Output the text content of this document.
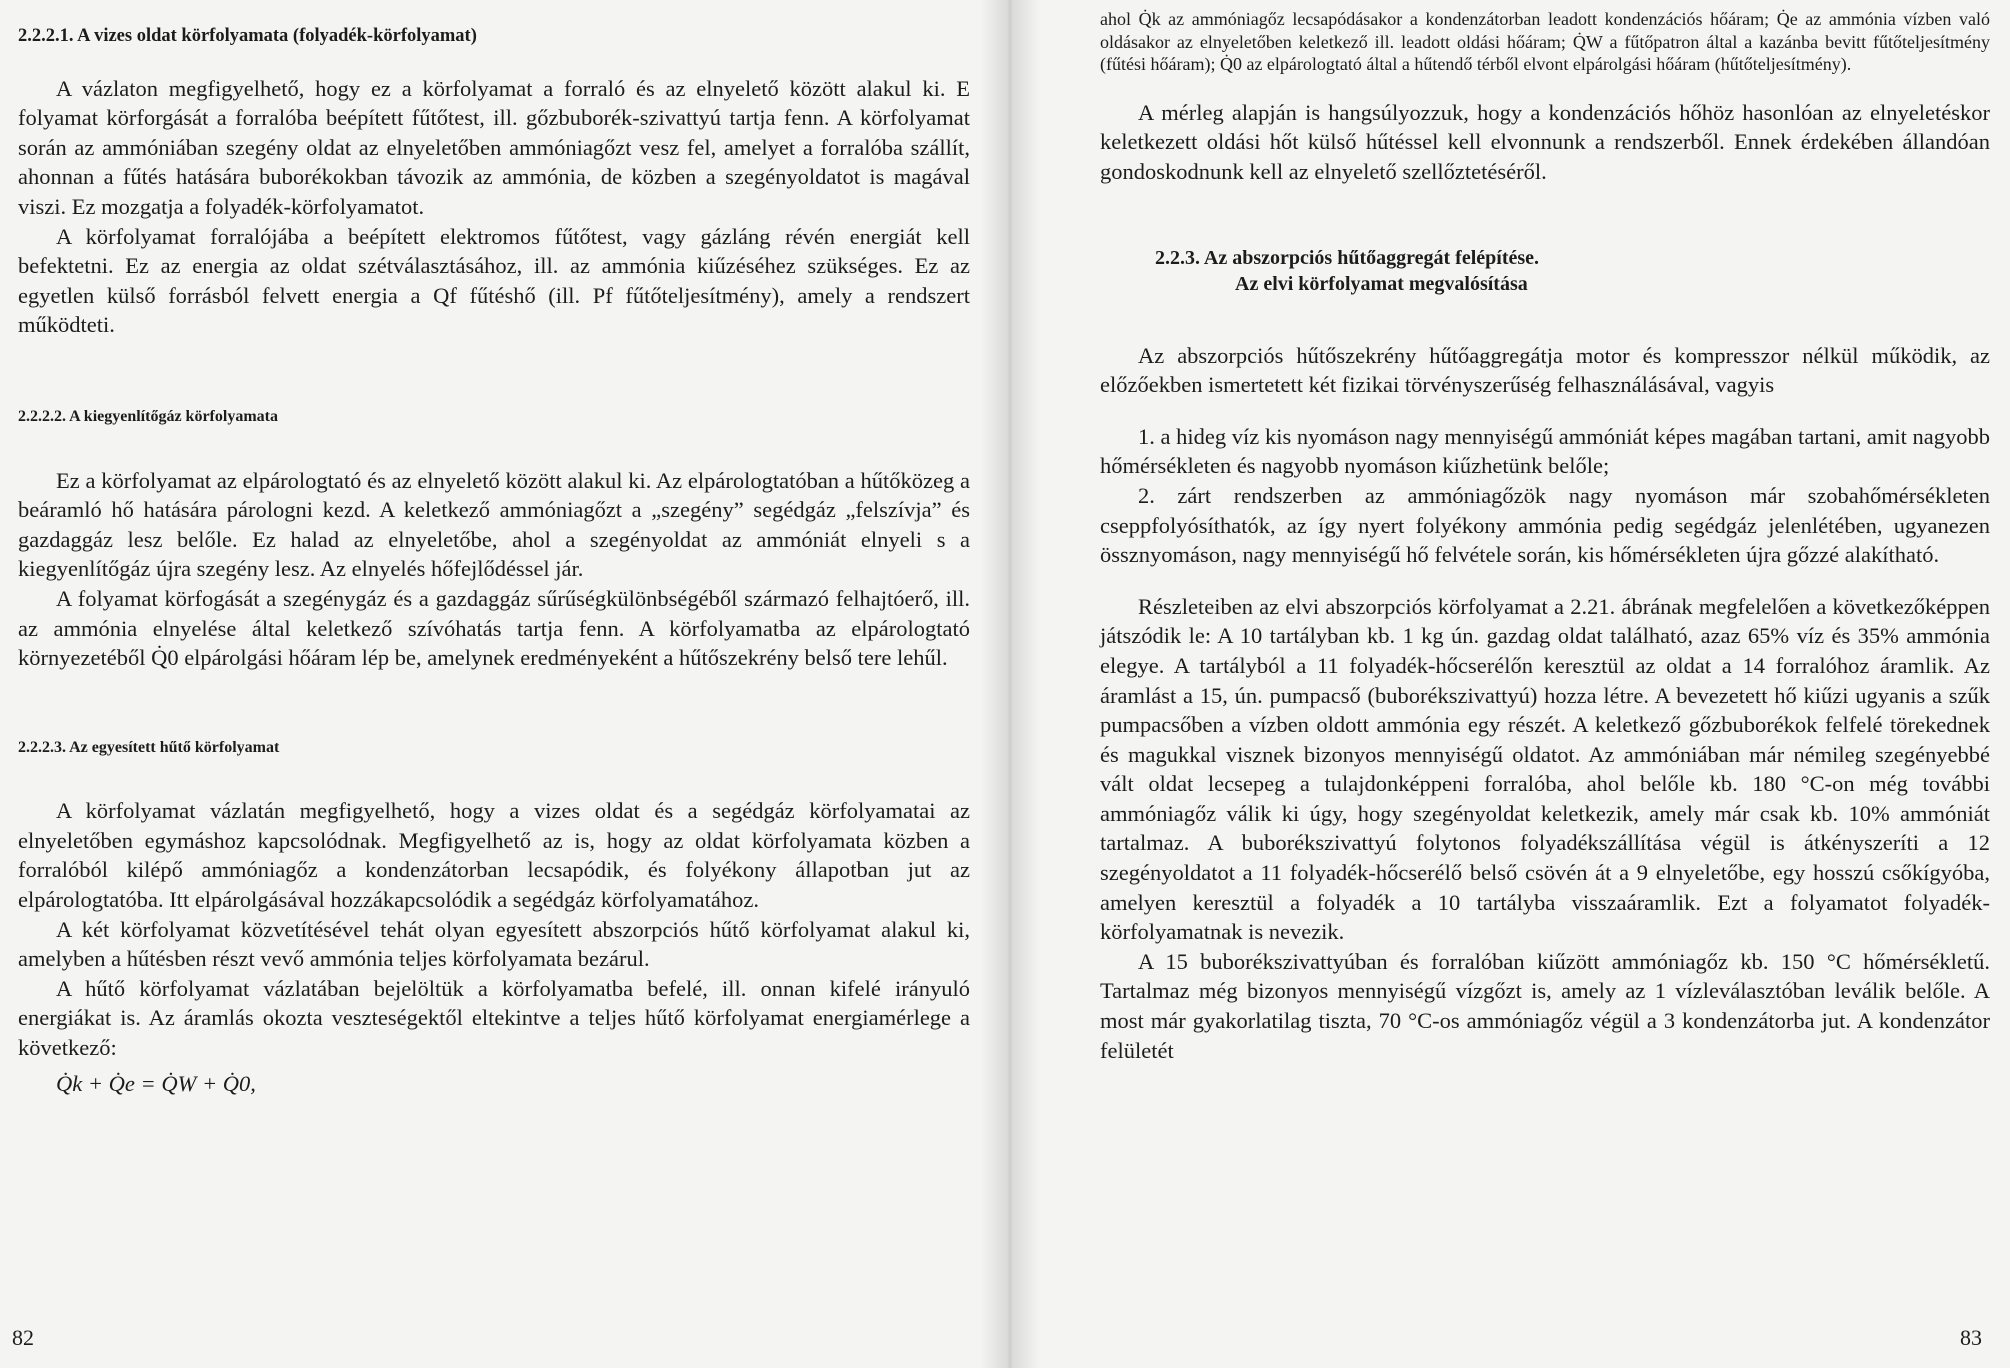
2.2.2.1. A vizes oldat körfolyamata (folyadék-körfolyamat)

A vázlaton megfigyelhető, hogy ez a körfolyamat a forraló és az elnyelető között alakul ki. E folyamat körforgását a forralóba beépített fűtőtest, ill. gőzbuborék-szivattyú tartja fenn. A körfolyamat során az ammóniában szegény oldat az elnyeletőben ammóniagőzt vesz fel, amelyet a forralóba szállít, ahonnan a fűtés hatására buborékokban távozik az ammónia, de közben a szegényoldatot is magával viszi. Ez mozgatja a folyadék-körfolyamatot.

A körfolyamat forralójába a beépített elektromos fűtőtest, vagy gázláng révén energiát kell befektetni. Ez az energia az oldat szétválasztásához, ill. az ammónia kiűzéséhez szükséges. Ez az egyetlen külső forrásból felvett energia a Qf fűtéshő (ill. Pf fűtőteljesítmény), amely a rendszert működteti.

2.2.2.2. A kiegyenlítőgáz körfolyamata

Ez a körfolyamat az elpárologtató és az elnyelető között alakul ki. Az elpárologtatóban a hűtőközeg a beáramló hő hatására párologni kezd. A keletkező ammóniagőzt a „szegény” segédgáz „felszívja” és gazdaggáz lesz belőle. Ez halad az elnyeletőbe, ahol a szegényoldat az ammóniát elnyeli s a kiegyenlítőgáz újra szegény lesz. Az elnyelés hőfejlődéssel jár.

A folyamat körfogását a szegénygáz és a gazdaggáz sűrűségkülönbségéből származó felhajtóerő, ill. az ammónia elnyelése által keletkező szívóhatás tartja fenn. A körfolyamatba az elpárologtató környezetéből Q̇0 elpárolgási hőáram lép be, amelynek eredményeként a hűtőszekrény belső tere lehűl.

2.2.2.3. Az egyesített hűtő körfolyamat

A körfolyamat vázlatán megfigyelhető, hogy a vizes oldat és a segédgáz körfolyamatai az elnyeletőben egymáshoz kapcsolódnak. Megfigyelhető az is, hogy az oldat körfolyamata közben a forralóból kilépő ammóniagőz a kondenzátorban lecsapódik, és folyékony állapotban jut az elpárologtatóba. Itt elpárolgásával hozzákapcsolódik a segédgáz körfolyamatához.

A két körfolyamat közvetítésével tehát olyan egyesített abszorpciós hűtő körfolyamat alakul ki, amelyben a hűtésben részt vevő ammónia teljes körfolyamata bezárul.

A hűtő körfolyamat vázlatában bejelöltük a körfolyamatba befelé, ill. onnan kifelé irányuló energiákat is. Az áramlás okozta veszteségektől eltekintve a teljes hűtő körfolyamat energiamérlege a következő:

Q̇k + Q̇e = Q̇W + Q̇0,
82

ahol Q̇k az ammóniagőz lecsapódásakor a kondenzátorban leadott kondenzációs hőáram; Q̇e az ammónia vízben való oldásakor az elnyeletőben keletkező ill. leadott oldási hőáram; Q̇W a fűtőpatron által a kazánba bevitt fűtőteljesítmény (fűtési hőáram); Q̇0 az elpárologtató által a hűtendő térből elvont elpárolgási hőáram (hűtőteljesítmény).

A mérleg alapján is hangsúlyozzuk, hogy a kondenzációs hőhöz hasonlóan az elnyeletéskor keletkezett oldási hőt külső hűtéssel kell elvonnunk a rendszerből. Ennek érdekében állandóan gondoskodnunk kell az elnyelető szellőztetéséről.

2.2.3. Az abszorpciós hűtőaggregát felépítése.
Az elvi körfolyamat megvalósítása

Az abszorpciós hűtőszekrény hűtőaggregátja motor és kompresszor nélkül működik, az előzőekben ismertetett két fizikai törvényszerűség felhasználásával, vagyis

1. a hideg víz kis nyomáson nagy mennyiségű ammóniát képes magában tartani, amit nagyobb hőmérsékleten és nagyobb nyomáson kiűzhetünk belőle;

2. zárt rendszerben az ammóniagőzök nagy nyomáson már szobahőmérsékleten cseppfolyósíthatók, az így nyert folyékony ammónia pedig segédgáz jelenlétében, ugyanezen össznyomáson, nagy mennyiségű hő felvétele során, kis hőmérsékleten újra gőzzé alakítható.

Részleteiben az elvi abszorpciós körfolyamat a 2.21. ábrának megfelelően a következőképpen játszódik le: A 10 tartályban kb. 1 kg ún. gazdag oldat található, azaz 65% víz és 35% ammónia elegye. A tartályból a 11 folyadék-hőcserélőn keresztül az oldat a 14 forralóhoz áramlik. Az áramlást a 15, ún. pumpacső (buborékszivattyú) hozza létre. A bevezetett hő kiűzi ugyanis a szűk pumpacsőben a vízben oldott ammónia egy részét. A keletkező gőzbuborékok felfelé törekednek és magukkal visznek bizonyos mennyiségű oldatot. Az ammóniában már némileg szegényebbé vált oldat lecsepeg a tulajdonképpeni forralóba, ahol belőle kb. 180 °C-on még további ammóniagőz válik ki úgy, hogy szegényoldat keletkezik, amely már csak kb. 10% ammóniát tartalmaz. A buborékszivattyú folytonos folyadékszállítása végül is átkényszeríti a 12 szegényoldatot a 11 folyadék-hőcserélő belső csövén át a 9 elnyeletőbe, egy hosszú csőkígyóba, amelyen keresztül a folyadék a 10 tartályba visszaáramlik. Ezt a folyamatot folyadék-körfolyamatnak is nevezik.

A 15 buborékszivattyúban és forralóban kiűzött ammóniagőz kb. 150 °C hőmérsékletű. Tartalmaz még bizonyos mennyiségű vízgőzt is, amely az 1 vízleválasztóban leválik belőle. A most már gyakorlatilag tiszta, 70 °C-os ammóniagőz végül a 3 kondenzátorba jut. A kondenzátor felületét

83
